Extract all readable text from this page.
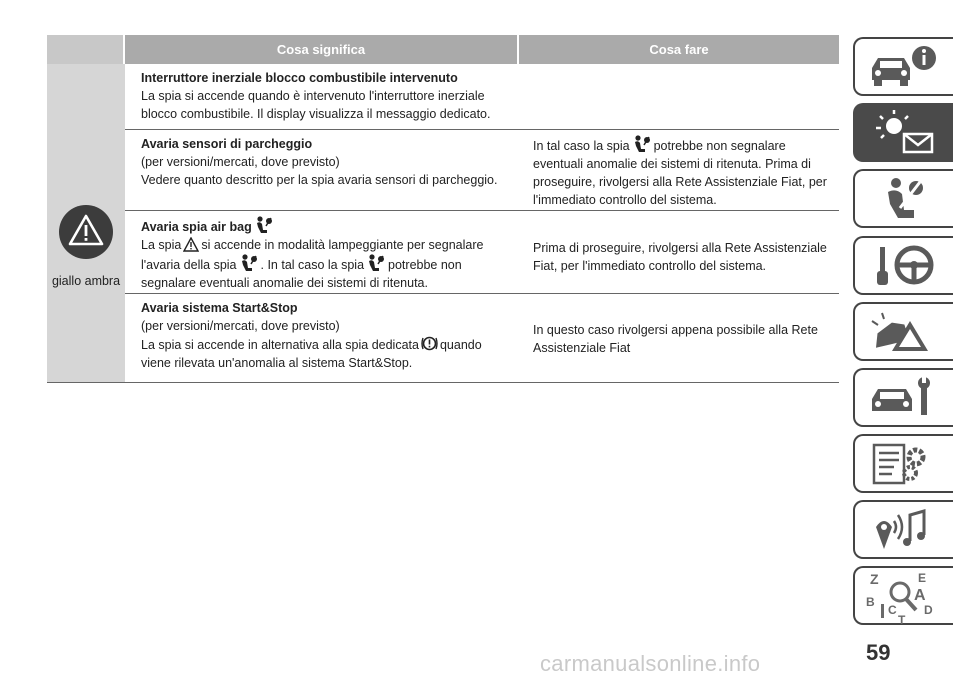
Cosa significa	Cosa fare
giallo ambra
Interruttore inerziale blocco combustibile intervenuto
La spia si accende quando è intervenuto l'interruttore inerziale blocco combustibile. Il display visualizza il messaggio dedicato.
Avaria sensori di parcheggio
(per versioni/mercati, dove previsto)
Vedere quanto descritto per la spia avaria sensori di parcheggio.
In tal caso la spia potrebbe non segnalare eventuali anomalie dei sistemi di ritenuta. Prima di proseguire, rivolgersi alla Rete Assistenziale Fiat, per l'immediato controllo del sistema.
Avaria spia air bag
La spia si accende in modalità lampeggiante per segnalare l'avaria della spia . In tal caso la spia potrebbe non segnalare eventuali anomalie dei sistemi di ritenuta.
Prima di proseguire, rivolgersi alla Rete Assistenziale Fiat, per l'immediato controllo del sistema.
Avaria sistema Start&Stop
(per versioni/mercati, dove previsto)
La spia si accende in alternativa alla spia dedicata quando viene rilevata un'anomalia al sistema Start&Stop.
In questo caso rivolgersi appena possibile alla Rete Assistenziale Fiat
Z	E
B A
D
C
T
59
carmanualsonline.info
